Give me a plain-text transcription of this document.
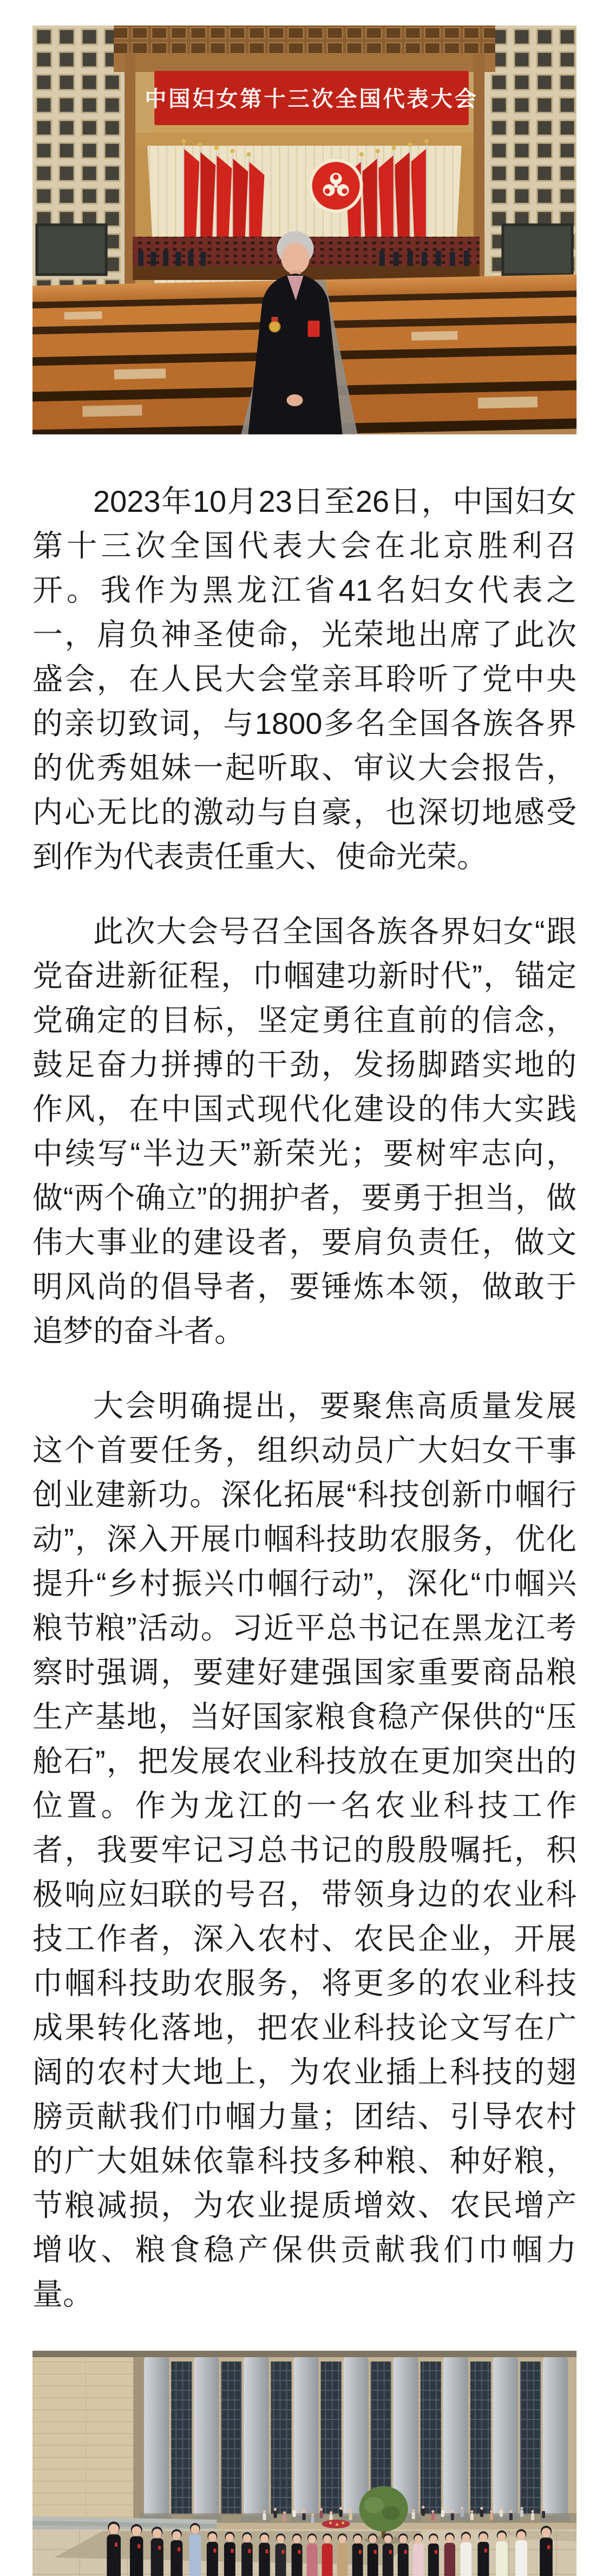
中国妇女第十三次全国代表大会

2023年10月23日至26日，中国妇女第十三次全国代表大会在北京胜利召开。我作为黑龙江省41名妇女代表之一，肩负神圣使命，光荣地出席了此次盛会，在人民大会堂亲耳聆听了党中央的亲切致词，与1800多名全国各族各界的优秀姐妹一起听取、审议大会报告，内心无比的激动与自豪，也深切地感受到作为代表责任重大、使命光荣。

此次大会号召全国各族各界妇女“跟党奋进新征程，巾帼建功新时代”，锚定党确定的目标，坚定勇往直前的信念，鼓足奋力拼搏的干劲，发扬脚踏实地的作风，在中国式现代化建设的伟大实践中续写“半边天”新荣光；要树牢志向，做“两个确立”的拥护者，要勇于担当，做伟大事业的建设者，要肩负责任，做文明风尚的倡导者，要锤炼本领，做敢于追梦的奋斗者。

大会明确提出，要聚焦高质量发展这个首要任务，组织动员广大妇女干事创业建新功。深化拓展“科技创新巾帼行动”，深入开展巾帼科技助农服务，优化提升“乡村振兴巾帼行动”，深化“巾帼兴粮节粮”活动。习近平总书记在黑龙江考察时强调，要建好建强国家重要商品粮生产基地，当好国家粮食稳产保供的“压舱石”，把发展农业科技放在更加突出的位置。作为龙江的一名农业科技工作者，我要牢记习总书记的殷殷嘱托，积极响应妇联的号召，带领身边的农业科技工作者，深入农村、农民企业，开展巾帼科技助农服务，将更多的农业科技成果转化落地，把农业科技论文写在广阔的农村大地上，为农业插上科技的翅膀贡献我们巾帼力量；团结、引导农村的广大姐妹依靠科技多种粮、种好粮，节粮减损，为农业提质增效、农民增产增收、粮食稳产保供贡献我们巾帼力量。
